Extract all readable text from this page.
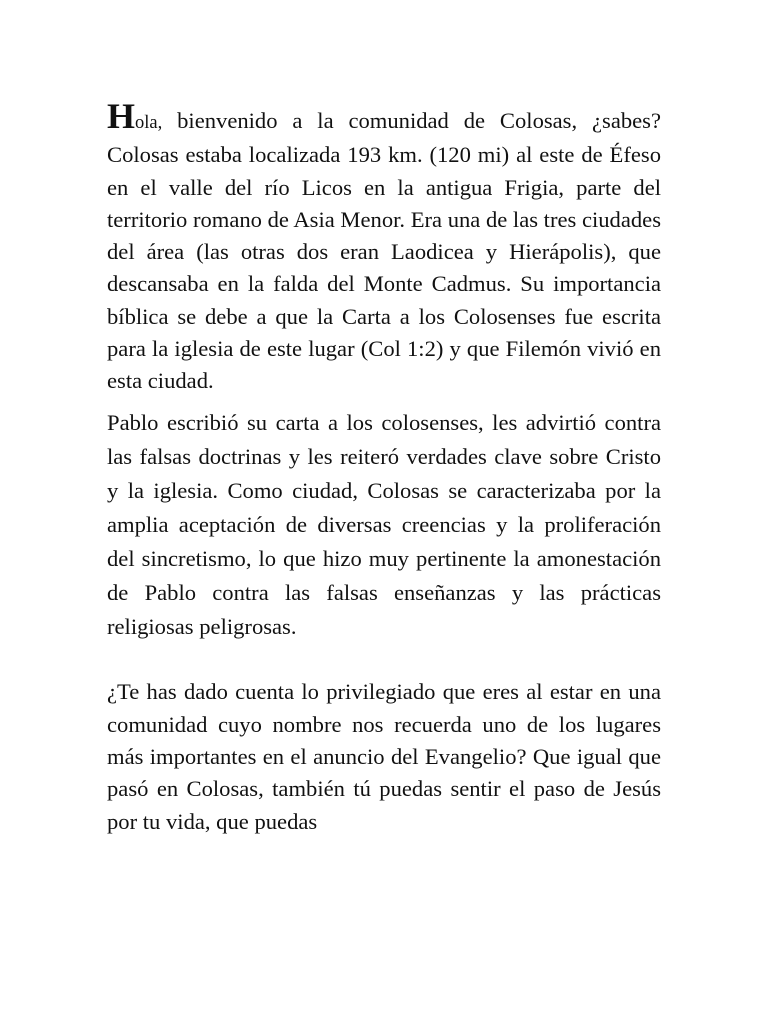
Hola, bienvenido a la comunidad de Colosas, ¿sabes? Colosas estaba localizada 193 km. (120 mi) al este de Éfeso en el valle del río Licos en la antigua Frigia, parte del territorio romano de Asia Menor. Era una de las tres ciudades del área (las otras dos eran Laodicea y Hierápolis), que descansaba en la falda del Monte Cadmus. Su importancia bíblica se debe a que la Carta a los Colosenses fue escrita para la iglesia de este lugar (Col 1:2) y que Filemón vivió en esta ciudad.

Pablo escribió su carta a los colosenses, les advirtió contra las falsas doctrinas y les reiteró verdades clave sobre Cristo y la iglesia. Como ciudad, Colosas se caracterizaba por la amplia aceptación de diversas creencias y la proliferación del sincretismo, lo que hizo muy pertinente la amonestación de Pablo contra las falsas enseñanzas y las prácticas religiosas peligrosas.

¿Te has dado cuenta lo privilegiado que eres al estar en una comunidad cuyo nombre nos recuerda uno de los lugares más importantes en el anuncio del Evangelio? Que igual que pasó en Colosas, también tú puedas sentir el paso de Jesús por tu vida, que puedas
